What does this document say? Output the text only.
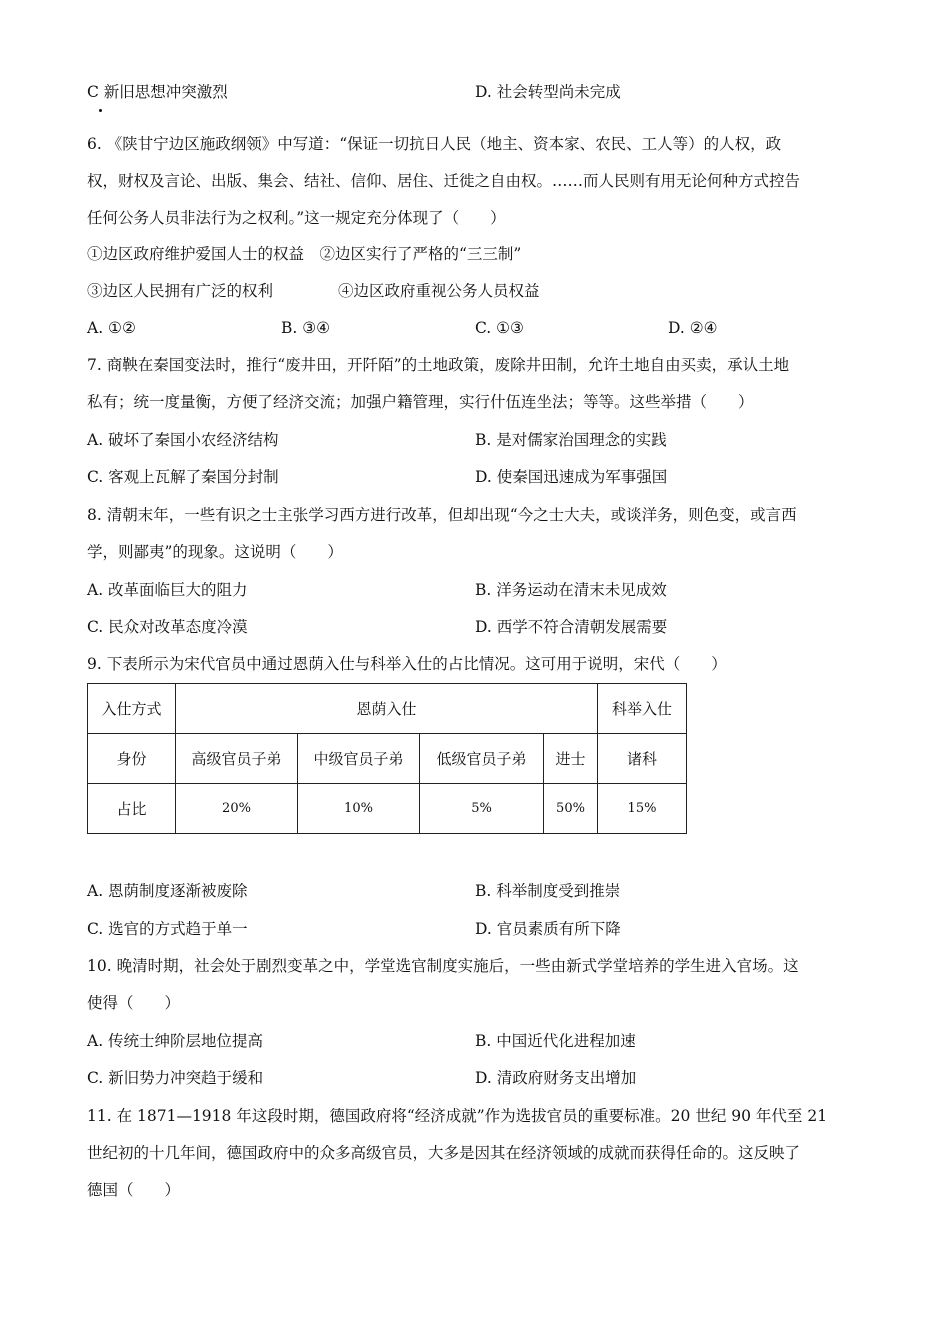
C 新旧思想冲突激烈	D. 社会转型尚未完成
6. 《陕甘宁边区施政纲领》中写道：“保证一切抗日人民（地主、资本家、农民、工人等）的人权，政
权，财权及言论、出版、集会、结社、信仰、居住、迁徙之自由权。……而人民则有用无论何种方式控告
任何公务人员非法行为之权利。”这一规定充分体现了（　　）
①边区政府维护爱国人士的权益　②边区实行了严格的“三三制”
③边区人民拥有广泛的权利	④边区政府重视公务人员权益
A. ①②	B. ③④	C. ①③	D. ②④
7. 商鞅在秦国变法时，推行“废井田，开阡陌”的土地政策，废除井田制，允许土地自由买卖，承认土地
私有；统一度量衡，方便了经济交流；加强户籍管理，实行什伍连坐法；等等。这些举措（　　）
A. 破坏了秦国小农经济结构	B. 是对儒家治国理念的实践
C. 客观上瓦解了秦国分封制	D. 使秦国迅速成为军事强国
8. 清朝末年，一些有识之士主张学习西方进行改革，但却出现“今之士大夫，或谈洋务，则色变，或言西
学，则鄙夷”的现象。这说明（　　）
A. 改革面临巨大的阻力	B. 洋务运动在清末未见成效
C. 民众对改革态度冷漠	D. 西学不符合清朝发展需要
9. 下表所示为宋代官员中通过恩荫入仕与科举入仕的占比情况。这可用于说明，宋代（　　）
入仕方式	恩荫入仕				科举入仕
身份	高级官员子弟	中级官员子弟	低级官员子弟	进士	诸科
占比	20%	10%	5%	50%	15%
A. 恩荫制度逐渐被废除	B. 科举制度受到推崇
C. 选官的方式趋于单一	D. 官员素质有所下降
10. 晚清时期，社会处于剧烈变革之中，学堂选官制度实施后，一些由新式学堂培养的学生进入官场。这
使得（　　）
A. 传统士绅阶层地位提高	B. 中国近代化进程加速
C. 新旧势力冲突趋于缓和	D. 清政府财务支出增加
11. 在 1871—1918 年这段时期，德国政府将“经济成就”作为选拔官员的重要标准。20 世纪 90 年代至 21
世纪初的十几年间，德国政府中的众多高级官员，大多是因其在经济领域的成就而获得任命的。这反映了
德国（　　）
